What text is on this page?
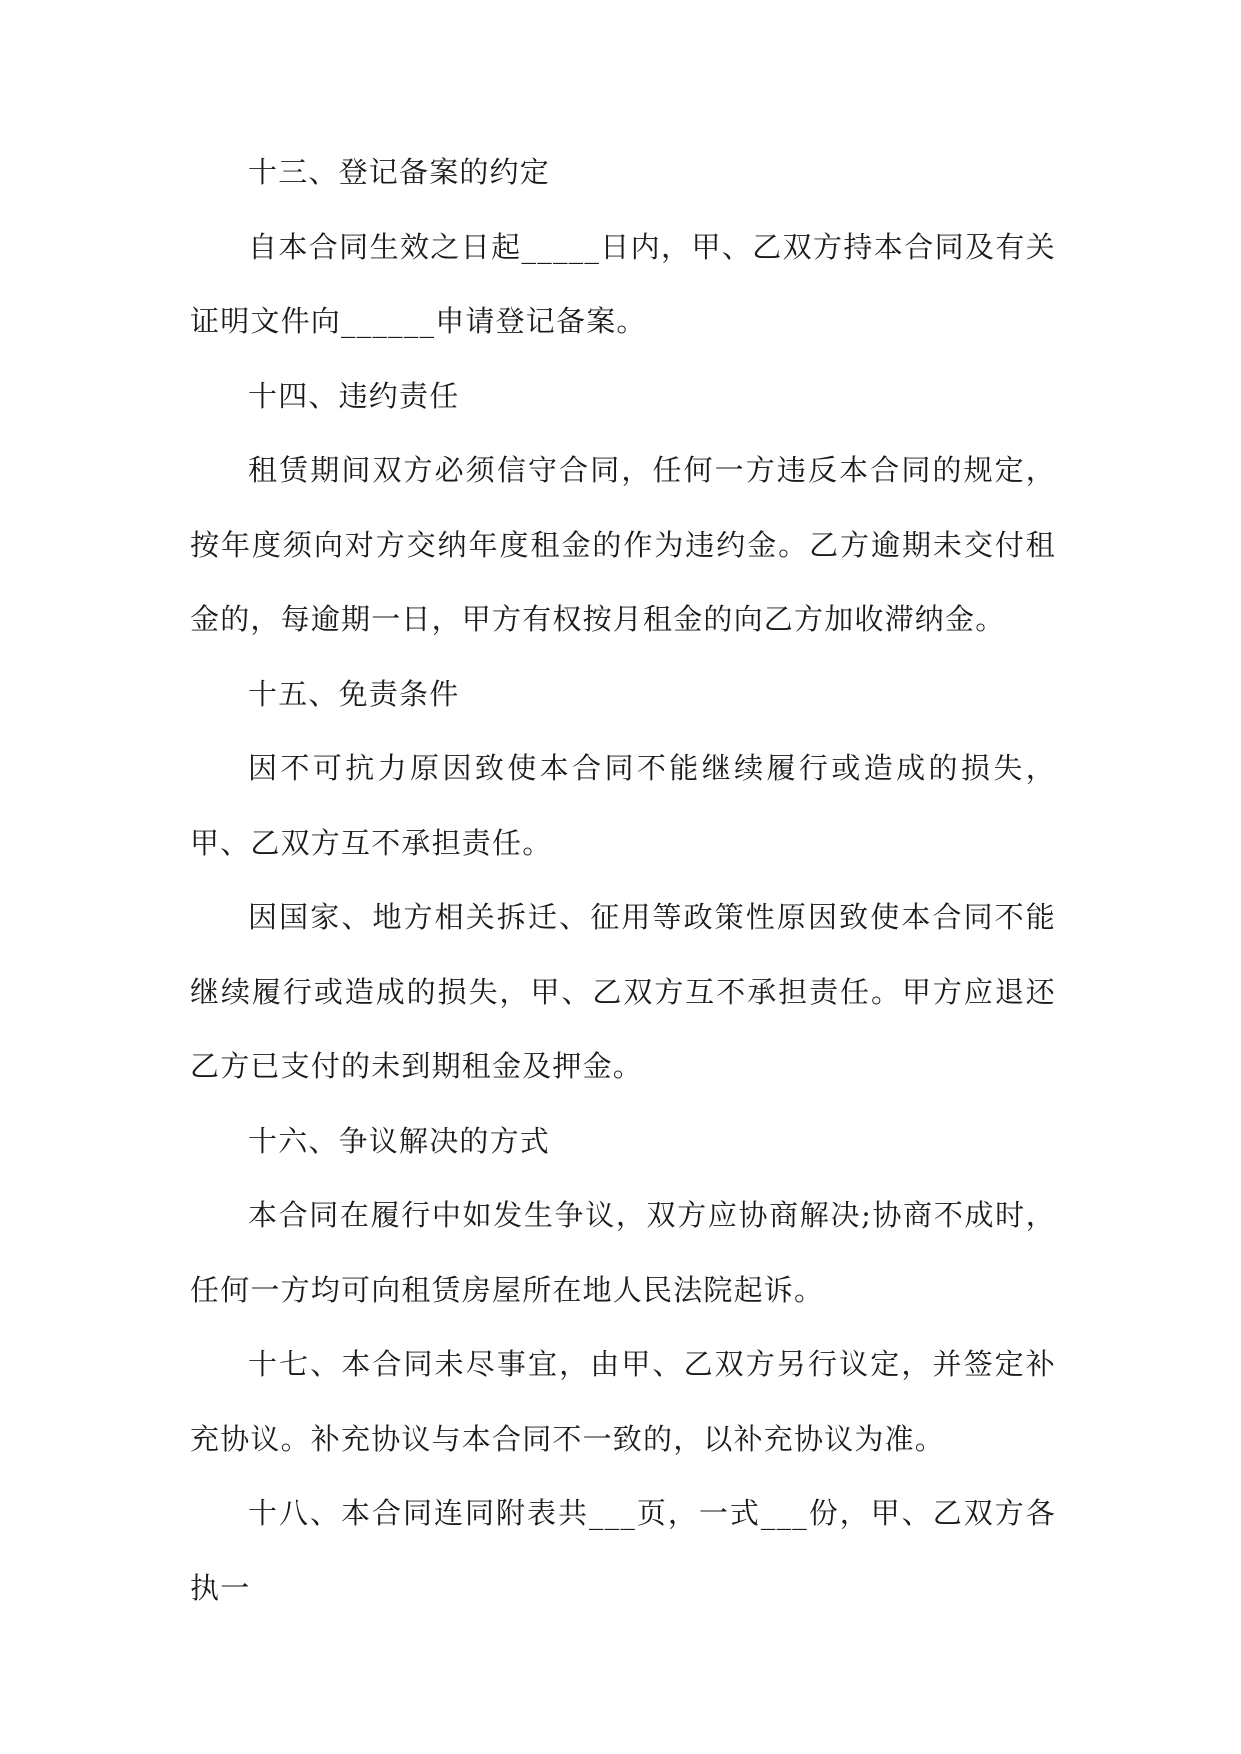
十三、登记备案的约定

自本合同生效之日起_____日内，甲、乙双方持本合同及有关证明文件向______申请登记备案。

十四、违约责任

租赁期间双方必须信守合同，任何一方违反本合同的规定，按年度须向对方交纳年度租金的作为违约金。乙方逾期未交付租金的，每逾期一日，甲方有权按月租金的向乙方加收滞纳金。

十五、免责条件

因不可抗力原因致使本合同不能继续履行或造成的损失，甲、乙双方互不承担责任。

因国家、地方相关拆迁、征用等政策性原因致使本合同不能继续履行或造成的损失，甲、乙双方互不承担责任。甲方应退还乙方已支付的未到期租金及押金。

十六、争议解决的方式

本合同在履行中如发生争议，双方应协商解决;协商不成时，任何一方均可向租赁房屋所在地人民法院起诉。

十七、本合同未尽事宜，由甲、乙双方另行议定，并签定补充协议。补充协议与本合同不一致的，以补充协议为准。

十八、本合同连同附表共___页，一式___份，甲、乙双方各执一
